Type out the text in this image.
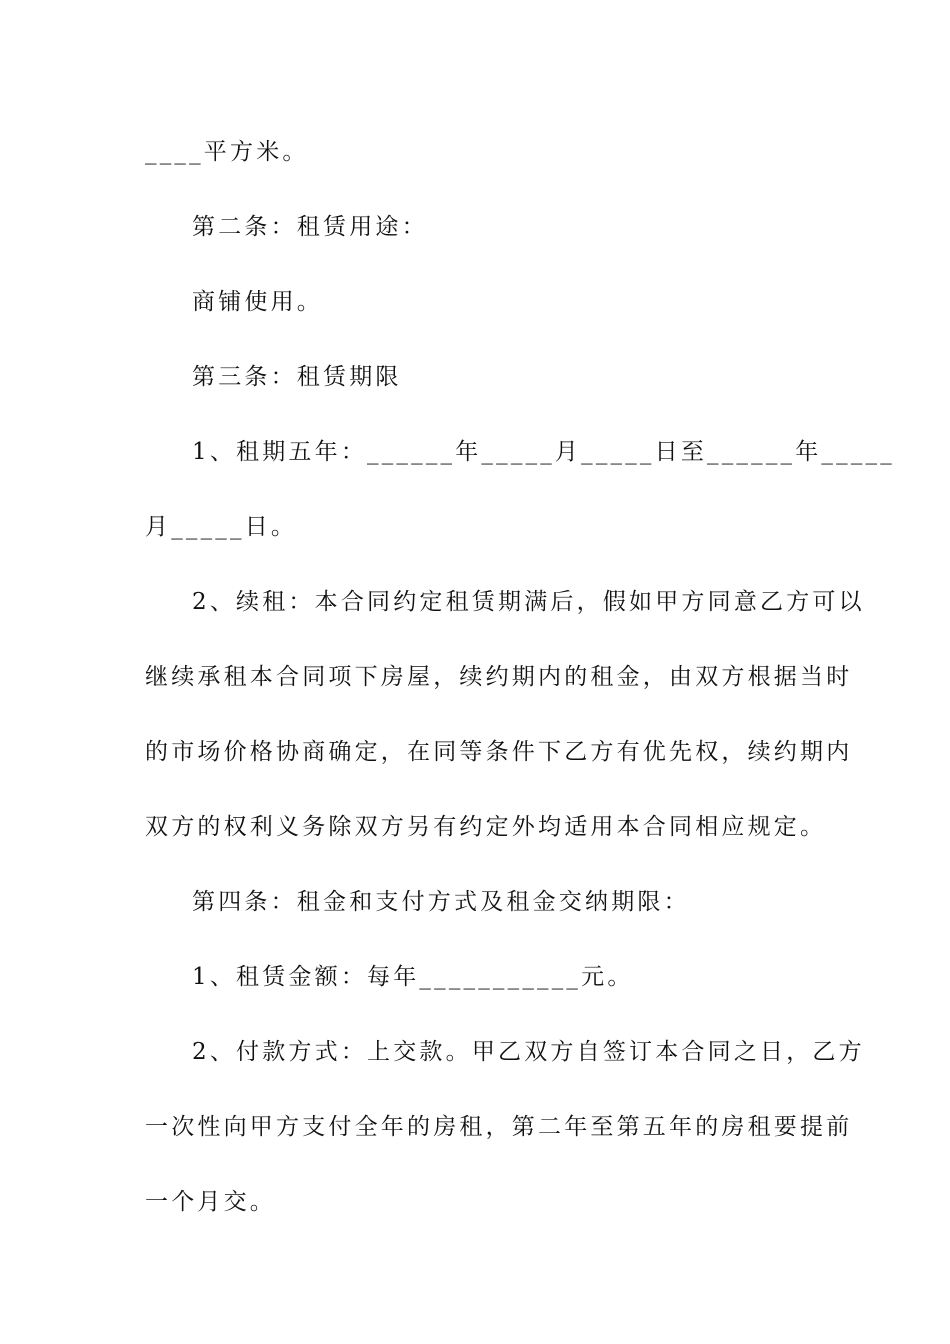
____平方米。
第二条：租赁用途：
商铺使用。
第三条：租赁期限
1、租期五年：______年_____月_____日至______年_____
月_____日。
2、续租：本合同约定租赁期满后，假如甲方同意乙方可以
继续承租本合同项下房屋，续约期内的租金，由双方根据当时
的市场价格协商确定，在同等条件下乙方有优先权，续约期内
双方的权利义务除双方另有约定外均适用本合同相应规定。
第四条：租金和支付方式及租金交纳期限：
1、租赁金额：每年___________元。
2、付款方式：上交款。甲乙双方自签订本合同之日，乙方
一次性向甲方支付全年的房租，第二年至第五年的房租要提前
一个月交。
